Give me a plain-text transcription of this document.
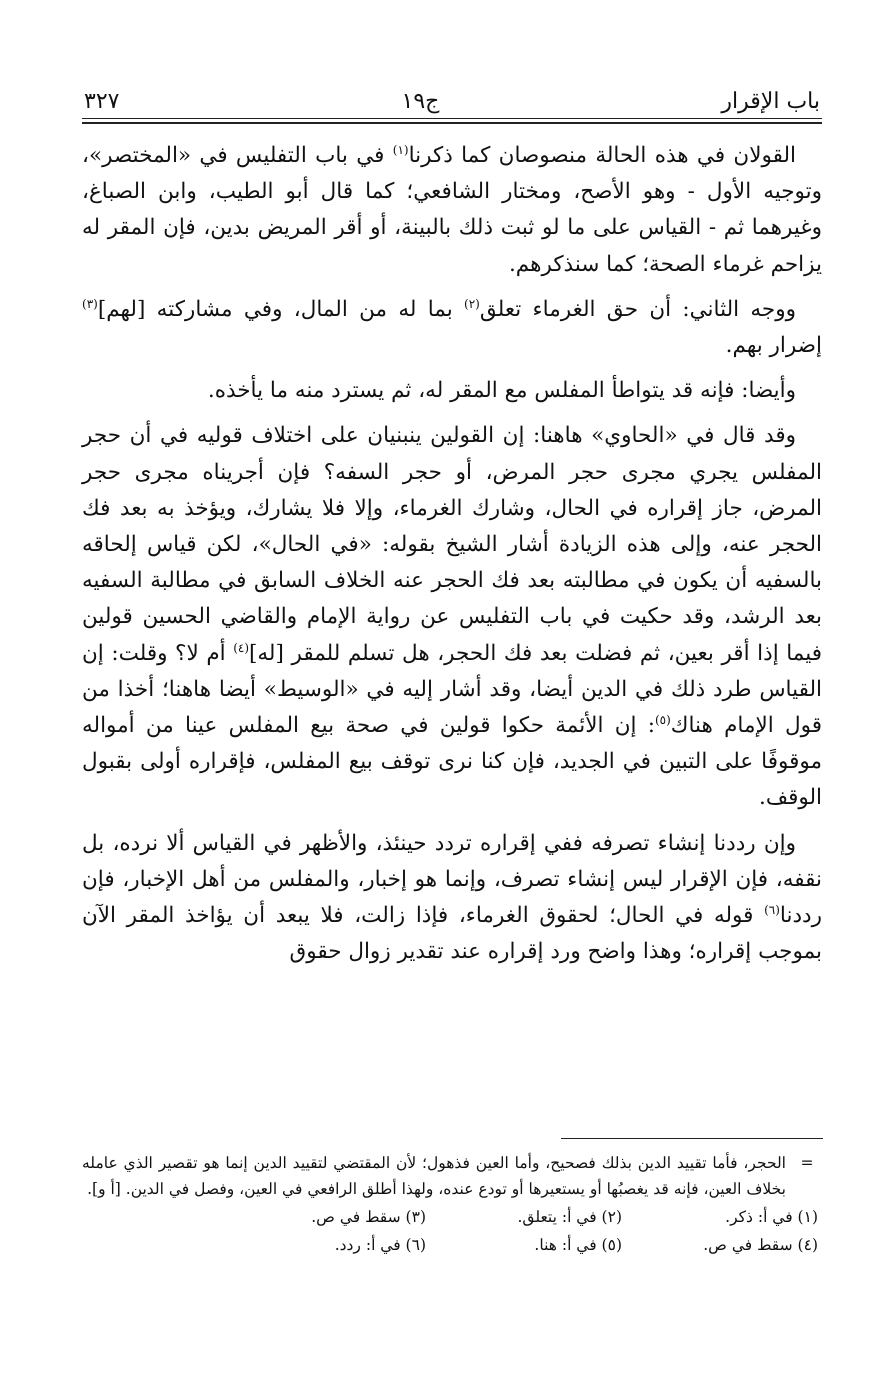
باب الإقرار
ج١٩
٣٢٧

القولان في هذه الحالة منصوصان كما ذكرنا$^{(١)}$ في باب التفليس في «المختصر»، وتوجيه الأول - وهو الأصح، ومختار الشافعي؛ كما قال أبو الطيب، وابن الصباغ، وغيرهما ثم - القياس على ما لو ثبت ذلك بالبينة، أو أقر المريض بدين، فإن المقر له يزاحم غرماء الصحة؛ كما سنذكرهم.

ووجه الثاني: أن حق الغرماء تعلق$^{(٢)}$ بما له من المال، وفي مشاركته [لهم]$^{(٣)}$ إضرار بهم.

وأيضا: فإنه قد يتواطأ المفلس مع المقر له، ثم يسترد منه ما يأخذه.

وقد قال في «الحاوي» هاهنا: إن القولين ينبنيان على اختلاف قوليه في أن حجر المفلس يجري مجرى حجر المرض، أو حجر السفه؟ فإن أجريناه مجرى حجر المرض، جاز إقراره في الحال، وشارك الغرماء، وإلا فلا يشارك، ويؤخذ به بعد فك الحجر عنه، وإلى هذه الزيادة أشار الشيخ بقوله: «في الحال»، لكن قياس إلحاقه بالسفيه أن يكون في مطالبته بعد فك الحجر عنه الخلاف السابق في مطالبة السفيه بعد الرشد، وقد حكيت في باب التفليس عن رواية الإمام والقاضي الحسين قولين فيما إذا أقر بعين، ثم فضلت بعد فك الحجر، هل تسلم للمقر [له]$^{(٤)}$ أم لا؟ وقلت: إن القياس طرد ذلك في الدين أيضا، وقد أشار إليه في «الوسيط» أيضا هاهنا؛ أخذا من قول الإمام هناك$^{(٥)}$: إن الأئمة حكوا قولين في صحة بيع المفلس عينا من أمواله موقوفًا على التبين في الجديد، فإن كنا نرى توقف بيع المفلس، فإقراره أولى بقبول الوقف.

وإن رددنا إنشاء تصرفه ففي إقراره تردد حينئذ، والأظهر في القياس ألا نرده، بل نقفه، فإن الإقرار ليس إنشاء تصرف، وإنما هو إخبار، والمفلس من أهل الإخبار، فإن رددنا$^{(٦)}$ قوله في الحال؛ لحقوق الغرماء، فإذا زالت، فلا يبعد أن يؤاخذ المقر الآن بموجب إقراره؛ وهذا واضح ورد إقراره عند تقدير زوال حقوق

=
الحجر، فأما تقييد الدين بذلك فصحيح، وأما العين فذهول؛ لأن المقتضي لتقييد الدين إنما هو تقصير الذي عامله بخلاف العين، فإنه قد يغصبُها أو يستعيرها أو تودع عنده، ولهذا أطلق الرافعي في العين، وفصل في الدين. [أ و].
(١) في أ: ذكر.
(٢) في أ: يتعلق.
(٣) سقط في ص.
(٤) سقط في ص.
(٥) في أ: هنا.
(٦) في أ: ردد.
